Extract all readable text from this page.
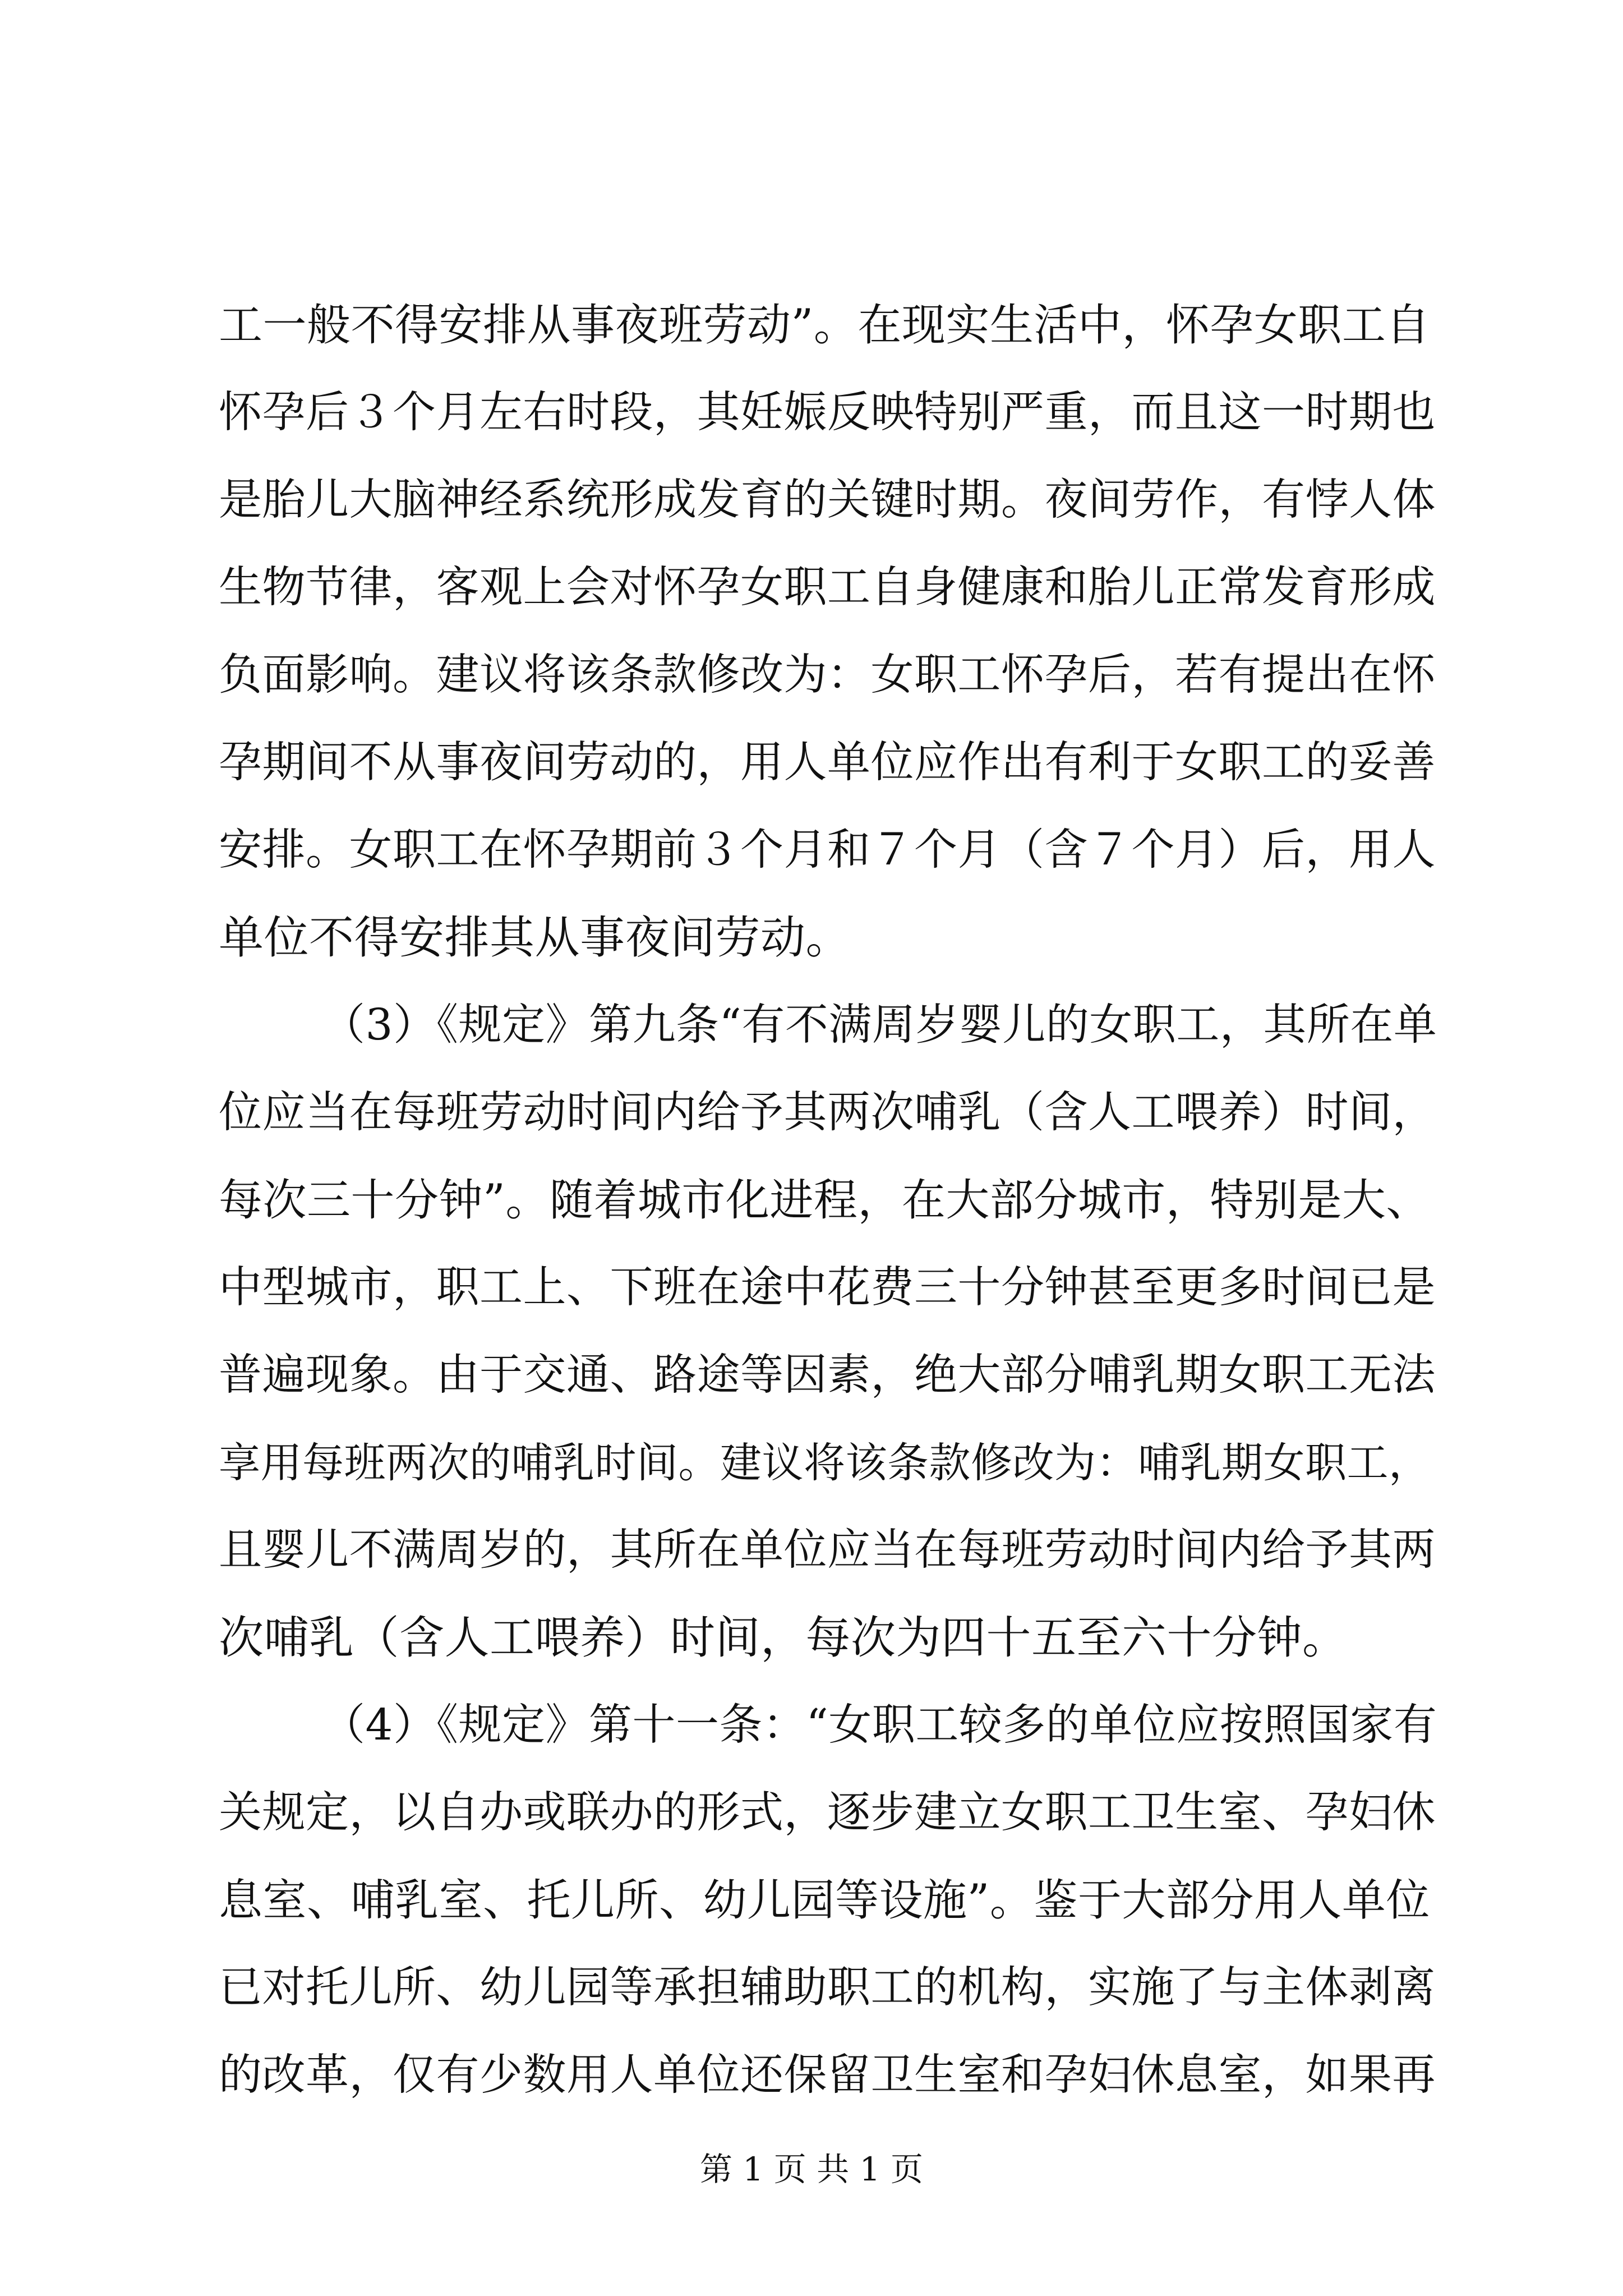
工一般不得安排从事夜班劳动”。在现实生活中，怀孕女职工自
怀孕后３个月左右时段，其妊娠反映特别严重，而且这一时期也
是胎儿大脑神经系统形成发育的关键时期。夜间劳作，有悖人体
生物节律，客观上会对怀孕女职工自身健康和胎儿正常发育形成
负面影响。建议将该条款修改为：女职工怀孕后，若有提出在怀
孕期间不从事夜间劳动的，用人单位应作出有利于女职工的妥善
安排。女职工在怀孕期前３个月和７个月（含７个月）后，用人
单位不得安排其从事夜间劳动。
（3）《规定》第九条“有不满周岁婴儿的女职工，其所在单
位应当在每班劳动时间内给予其两次哺乳（含人工喂养）时间，
每次三十分钟”。随着城市化进程，在大部分城市，特别是大、
中型城市，职工上、下班在途中花费三十分钟甚至更多时间已是
普遍现象。由于交通、路途等因素，绝大部分哺乳期女职工无法
享用每班两次的哺乳时间。建议将该条款修改为：哺乳期女职工，
且婴儿不满周岁的，其所在单位应当在每班劳动时间内给予其两
次哺乳（含人工喂养）时间，每次为四十五至六十分钟。
（4）《规定》第十一条：“女职工较多的单位应按照国家有
关规定，以自办或联办的形式，逐步建立女职工卫生室、孕妇休
息室、哺乳室、托儿所、幼儿园等设施”。鉴于大部分用人单位
已对托儿所、幼儿园等承担辅助职工的机构，实施了与主体剥离
的改革，仅有少数用人单位还保留卫生室和孕妇休息室，如果再
第 1 页 共 1 页
